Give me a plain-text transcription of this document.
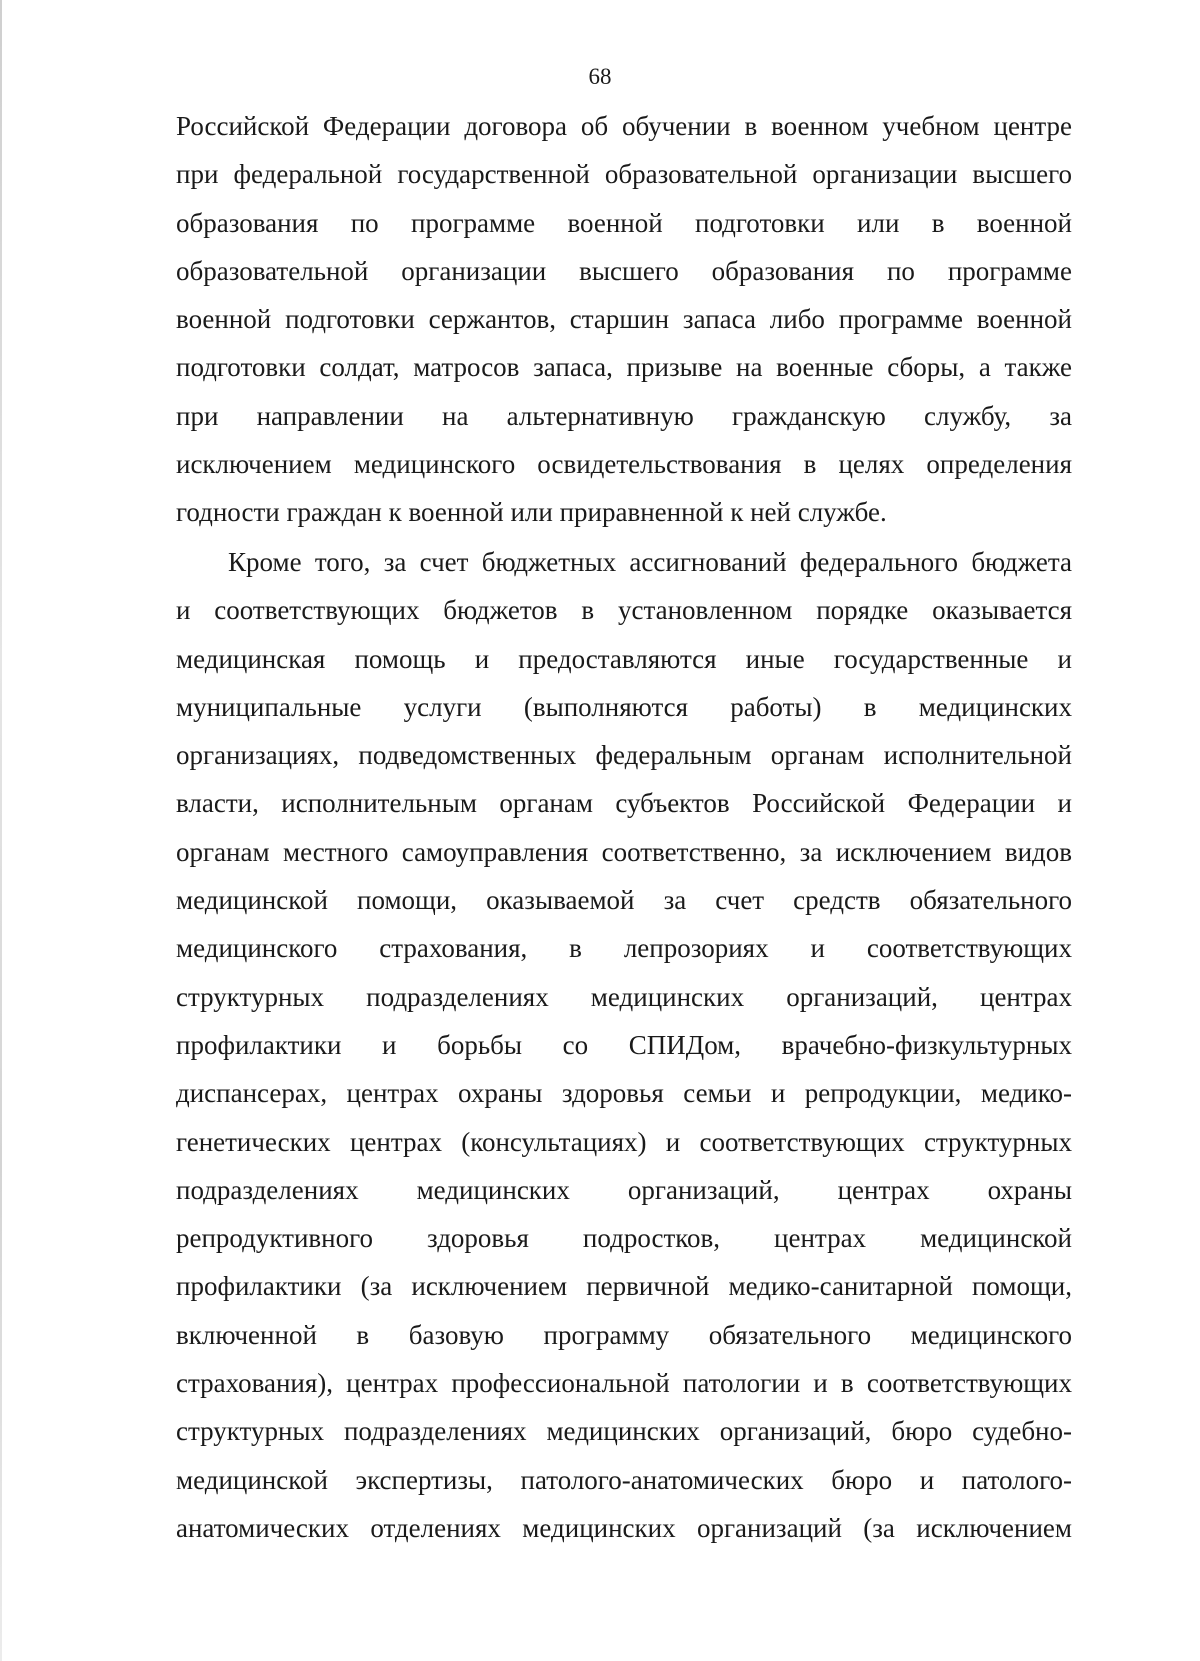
68
Российской Федерации договора об обучении в военном учебном центре
при федеральной государственной образовательной организации высшего
образования по программе военной подготовки или в военной
образовательной организации высшего образования по программе
военной подготовки сержантов, старшин запаса либо программе военной
подготовки солдат, матросов запаса, призыве на военные сборы, а также
при направлении на альтернативную гражданскую службу, за
исключением медицинского освидетельствования в целях определения
годности граждан к военной или приравненной к ней службе.
Кроме того, за счет бюджетных ассигнований федерального бюджета
и соответствующих бюджетов в установленном порядке оказывается
медицинская помощь и предоставляются иные государственные и
муниципальные услуги (выполняются работы) в медицинских
организациях, подведомственных федеральным органам исполнительной
власти, исполнительным органам субъектов Российской Федерации и
органам местного самоуправления соответственно, за исключением видов
медицинской помощи, оказываемой за счет средств обязательного
медицинского страхования, в лепрозориях и соответствующих
структурных подразделениях медицинских организаций, центрах
профилактики и борьбы со СПИДом, врачебно-физкультурных
диспансерах, центрах охраны здоровья семьи и репродукции, медико-
генетических центрах (консультациях) и соответствующих структурных
подразделениях медицинских организаций, центрах охраны
репродуктивного здоровья подростков, центрах медицинской
профилактики (за исключением первичной медико-санитарной помощи,
включенной в базовую программу обязательного медицинского
страхования), центрах профессиональной патологии и в соответствующих
структурных подразделениях медицинских организаций, бюро судебно-
медицинской экспертизы, патолого-анатомических бюро и патолого-
анатомических отделениях медицинских организаций (за исключением
